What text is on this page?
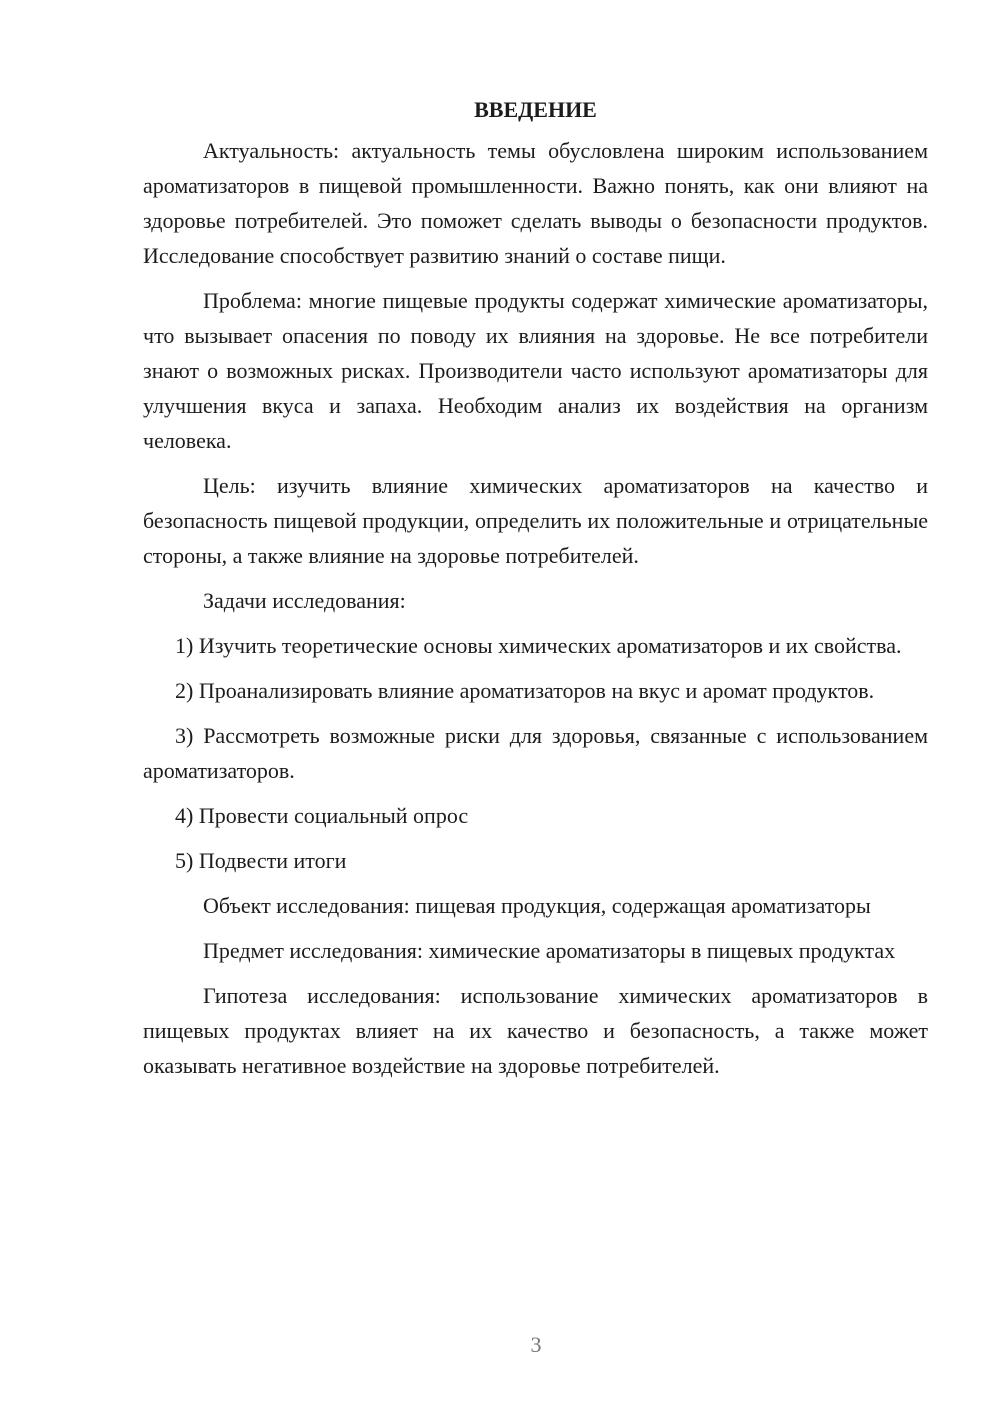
ВВЕДЕНИЕ

Актуальность: актуальность темы обусловлена широким использованием ароматизаторов в пищевой промышленности. Важно понять, как они влияют на здоровье потребителей. Это поможет сделать выводы о безопасности продуктов. Исследование способствует развитию знаний о составе пищи.

Проблема: многие пищевые продукты содержат химические ароматизаторы, что вызывает опасения по поводу их влияния на здоровье. Не все потребители знают о возможных рисках. Производители часто используют ароматизаторы для улучшения вкуса и запаха. Необходим анализ их воздействия на организм человека.

Цель: изучить влияние химических ароматизаторов на качество и безопасность пищевой продукции, определить их положительные и отрицательные стороны, а также влияние на здоровье потребителей.

Задачи исследования:

1) Изучить теоретические основы химических ароматизаторов и их свойства.

2) Проанализировать влияние ароматизаторов на вкус и аромат продуктов.

3) Рассмотреть возможные риски для здоровья, связанные с использованием ароматизаторов.

4) Провести социальный опрос

5) Подвести итоги

Объект исследования: пищевая продукция, содержащая ароматизаторы

Предмет исследования: химические ароматизаторы в пищевых продуктах

Гипотеза исследования: использование химических ароматизаторов в пищевых продуктах влияет на их качество и безопасность, а также может оказывать негативное воздействие на здоровье потребителей.

3
